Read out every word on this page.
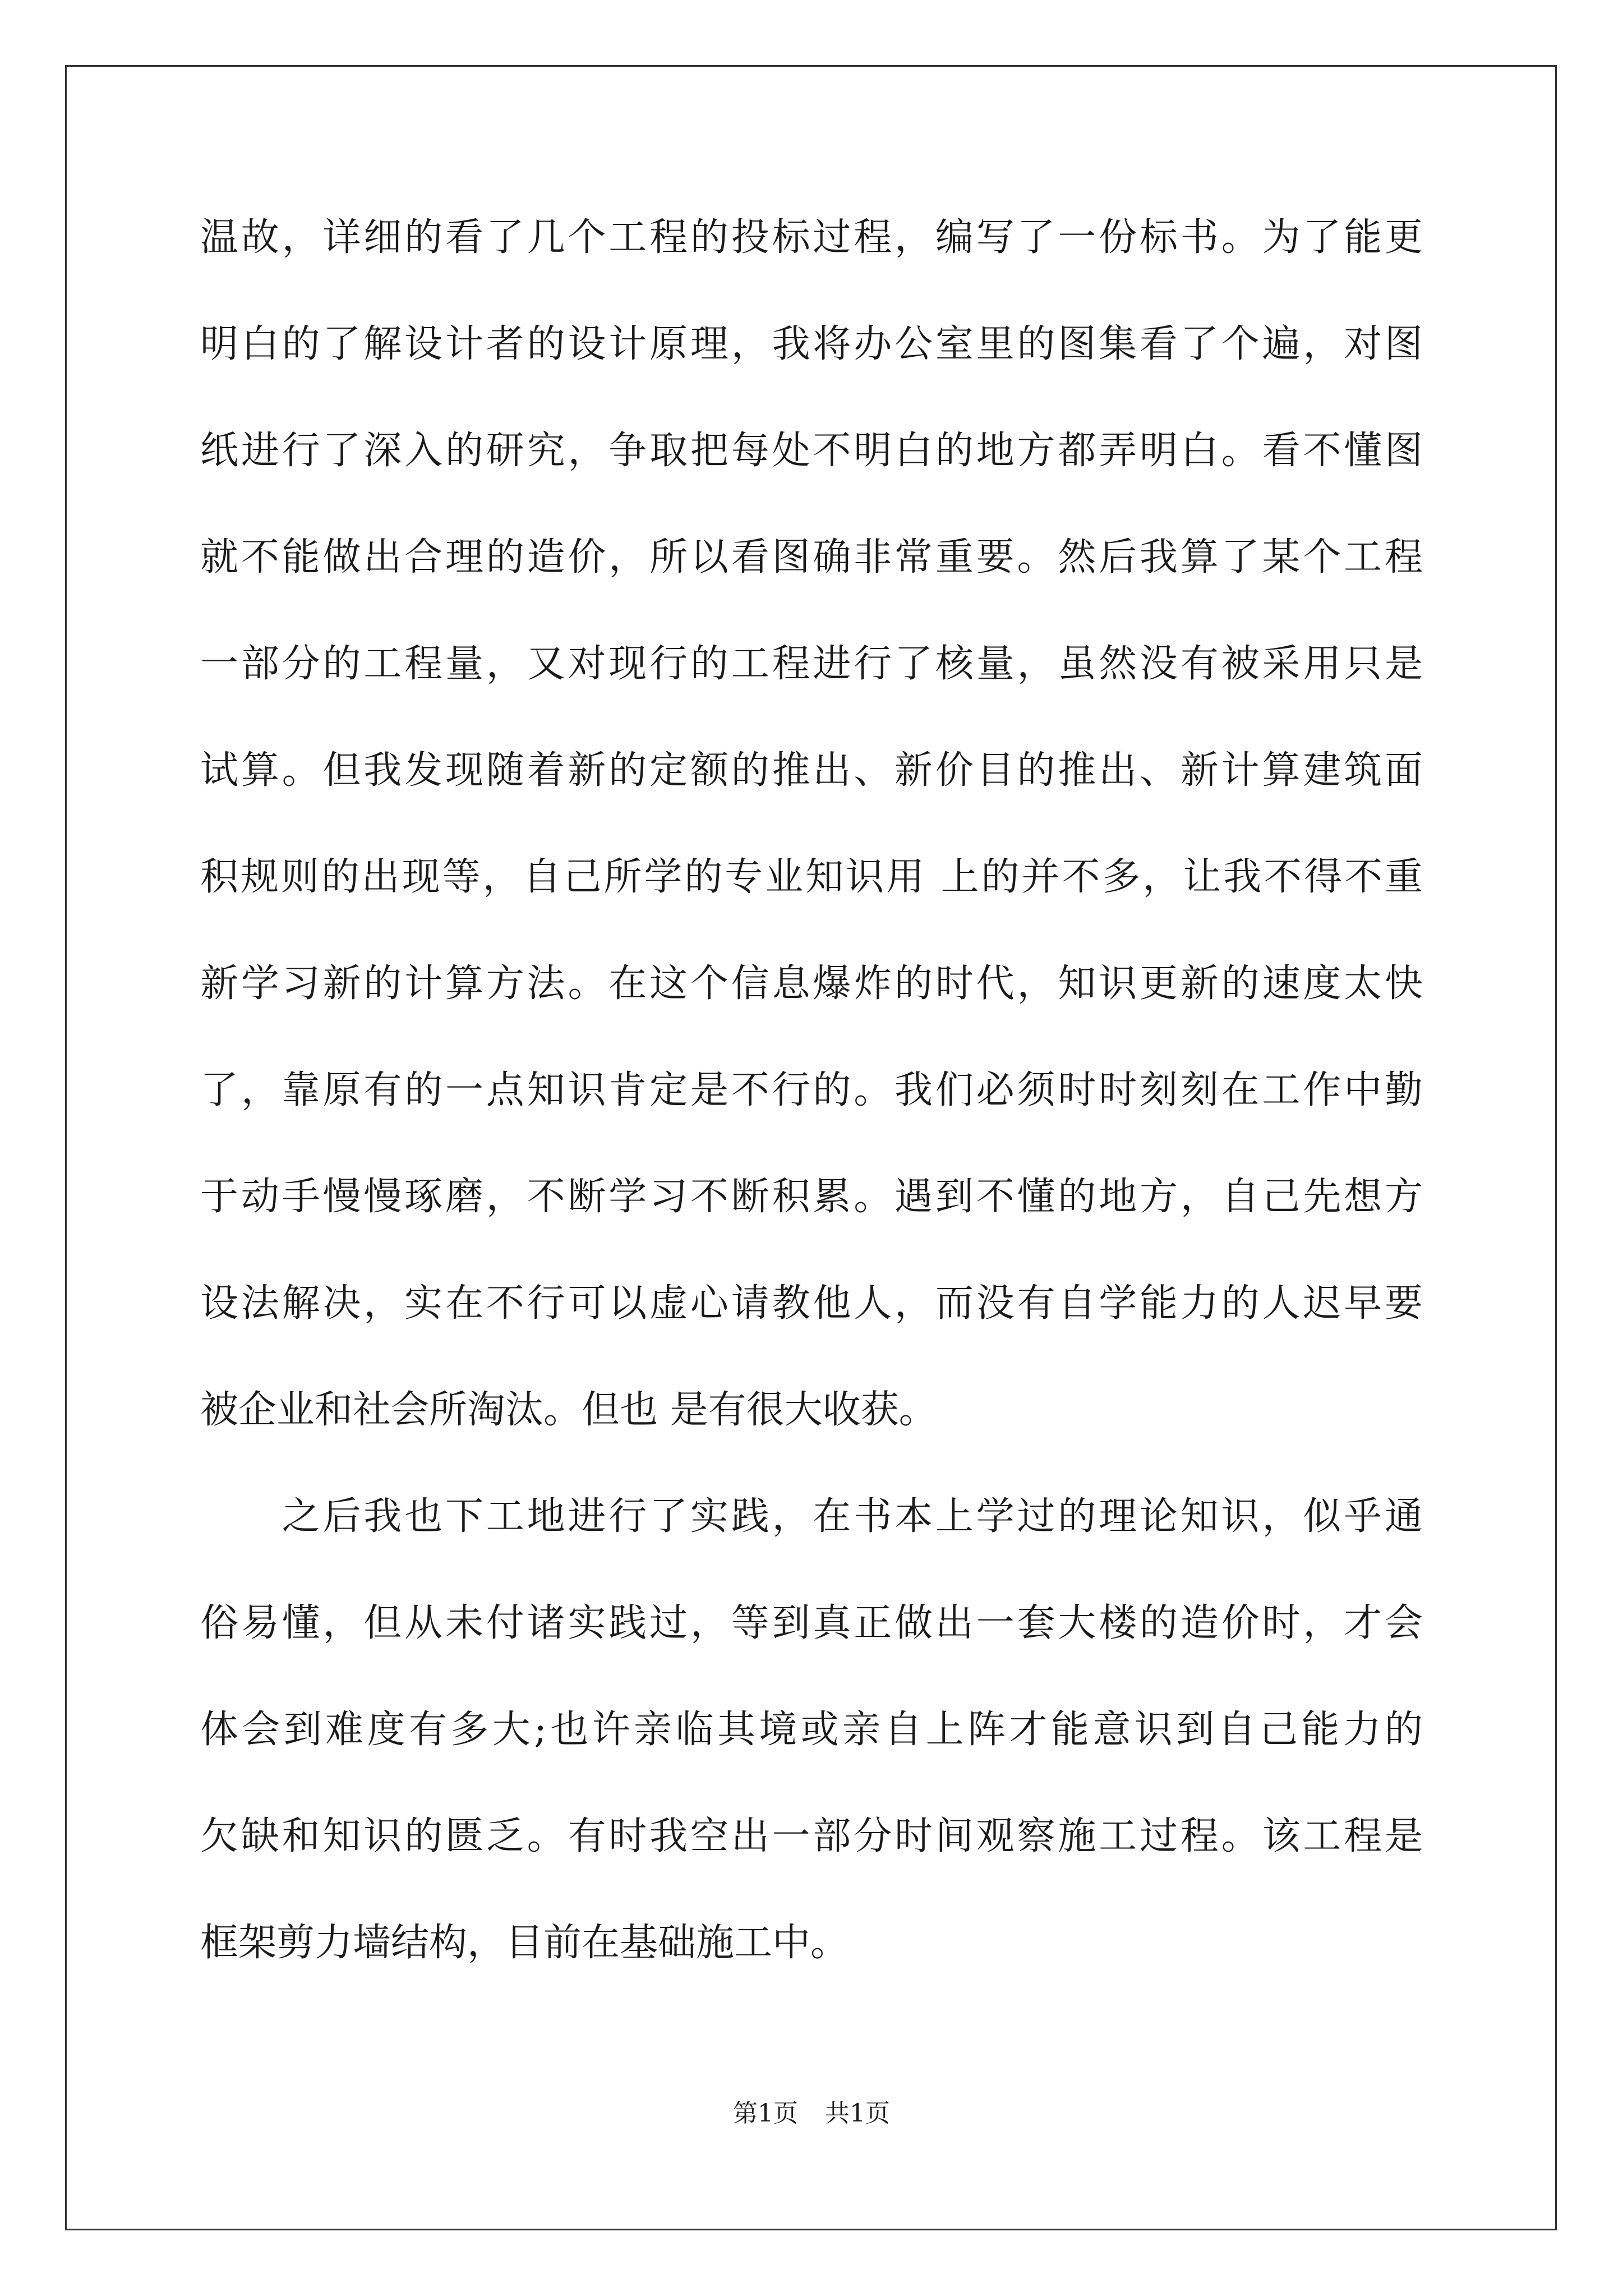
温故，详细的看了几个工程的投标过程，编写了一份标书。为了能更
明白的了解设计者的设计原理，我将办公室里的图集看了个遍，对图
纸进行了深入的研究，争取把每处不明白的地方都弄明白。看不懂图
就不能做出合理的造价，所以看图确非常重要。然后我算了某个工程
一部分的工程量，又对现行的工程进行了核量，虽然没有被采用只是
试算。但我发现随着新的定额的推出、新价目的推出、新计算建筑面
积规则的出现等，自己所学的专业知识用 上的并不多，让我不得不重
新学习新的计算方法。在这个信息爆炸的时代，知识更新的速度太快
了，靠原有的一点知识肯定是不行的。我们必须时时刻刻在工作中勤
于动手慢慢琢磨，不断学习不断积累。遇到不懂的地方，自己先想方
设法解决，实在不行可以虚心请教他人，而没有自学能力的人迟早要
被企业和社会所淘汰。但也 是有很大收获。
　　之后我也下工地进行了实践，在书本上学过的理论知识，似乎通
俗易懂，但从未付诸实践过，等到真正做出一套大楼的造价时，才会
体会到难度有多大;也许亲临其境或亲自上阵才能意识到自己能力的
欠缺和知识的匮乏。有时我空出一部分时间观察施工过程。该工程是
框架剪力墙结构，目前在基础施工中。
第1页 共1页
